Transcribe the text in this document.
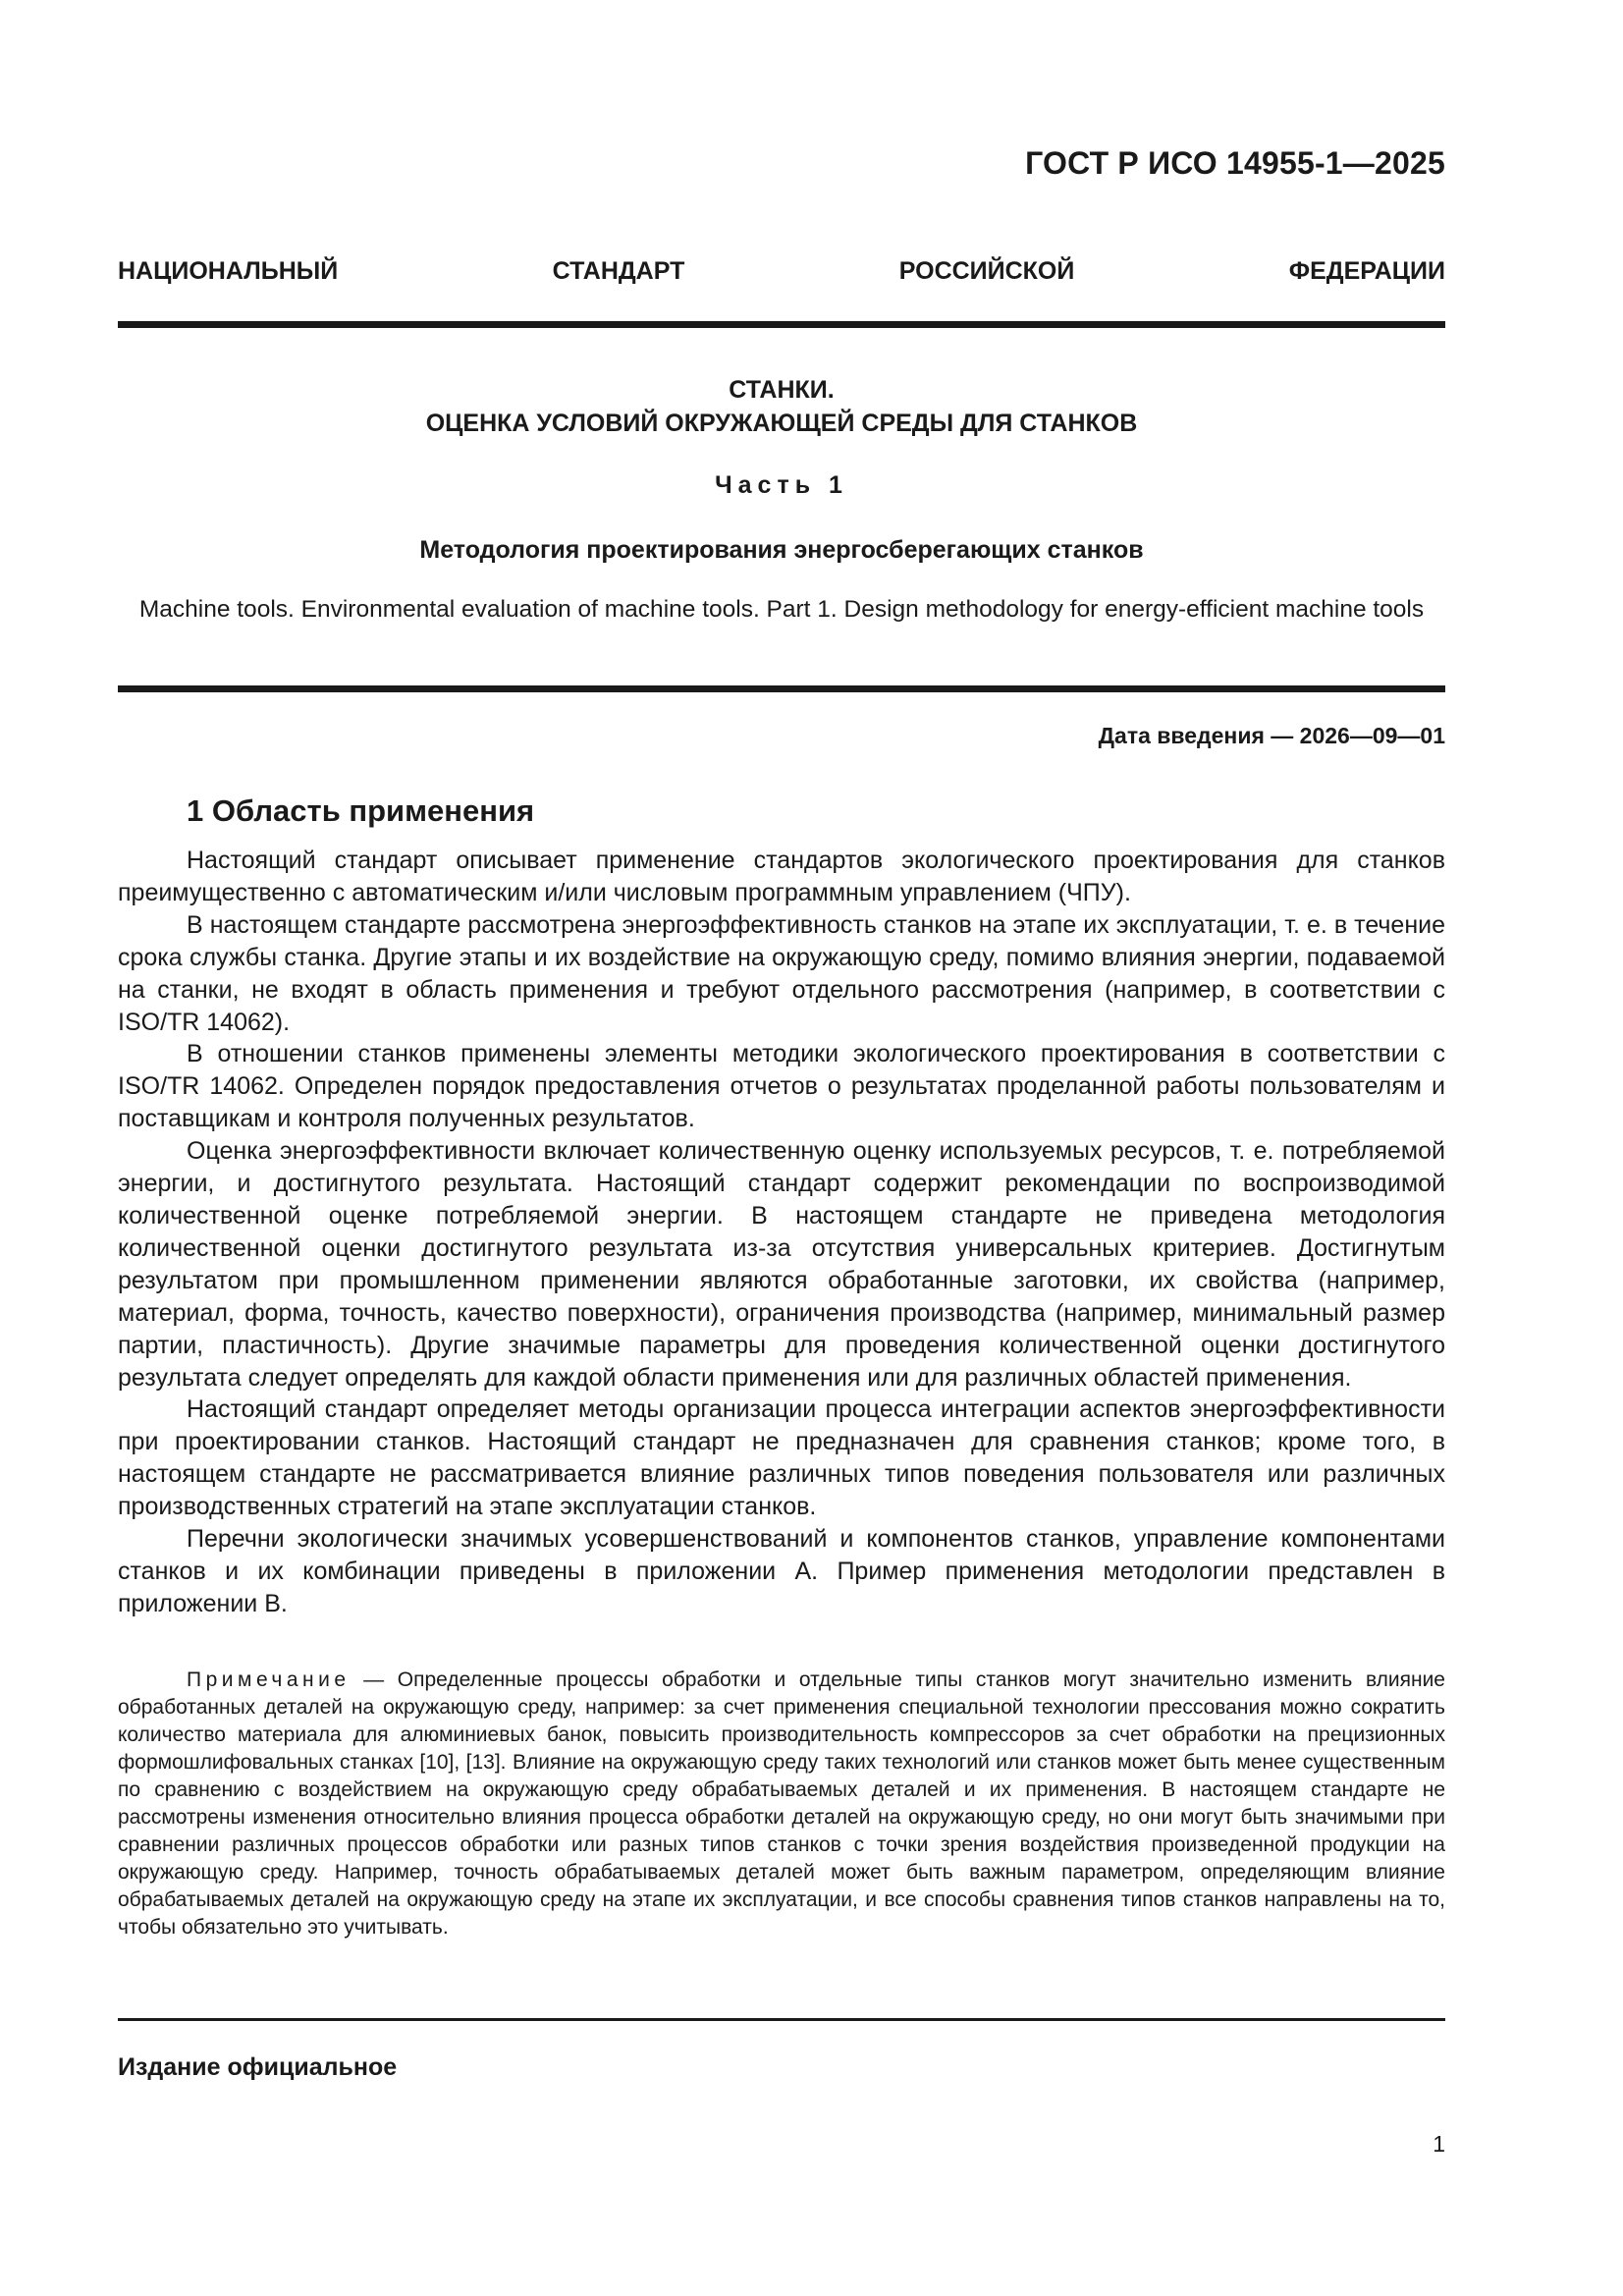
ГОСТ Р ИСО 14955-1—2025
НАЦИОНАЛЬНЫЙ СТАНДАРТ РОССИЙСКОЙ ФЕДЕРАЦИИ
СТАНКИ.
ОЦЕНКА УСЛОВИЙ ОКРУЖАЮЩЕЙ СРЕДЫ ДЛЯ СТАНКОВ
Часть 1
Методология проектирования энергосберегающих станков
Machine tools. Environmental evaluation of machine tools. Part 1. Design methodology for energy-efficient machine tools
Дата введения — 2026—09—01
1 Область применения

Настоящий стандарт описывает применение стандартов экологического проектирования для станков преимущественно с автоматическим и/или числовым программным управлением (ЧПУ).

В настоящем стандарте рассмотрена энергоэффективность станков на этапе их эксплуатации, т. е. в течение срока службы станка. Другие этапы и их воздействие на окружающую среду, помимо влияния энергии, подаваемой на станки, не входят в область применения и требуют отдельного рассмотрения (например, в соответствии с ISO/TR 14062).

В отношении станков применены элементы методики экологического проектирования в соответствии с ISO/TR 14062. Определен порядок предоставления отчетов о результатах проделанной работы пользователям и поставщикам и контроля полученных результатов.

Оценка энергоэффективности включает количественную оценку используемых ресурсов, т. е. потребляемой энергии, и достигнутого результата. Настоящий стандарт содержит рекомендации по воспроизводимой количественной оценке потребляемой энергии. В настоящем стандарте не приведена методология количественной оценки достигнутого результата из-за отсутствия универсальных критериев. Достигнутым результатом при промышленном применении являются обработанные заготовки, их свойства (например, материал, форма, точность, качество поверхности), ограничения производства (например, минимальный размер партии, пластичность). Другие значимые параметры для проведения количественной оценки достигнутого результата следует определять для каждой области применения или для различных областей применения.

Настоящий стандарт определяет методы организации процесса интеграции аспектов энергоэффективности при проектировании станков. Настоящий стандарт не предназначен для сравнения станков; кроме того, в настоящем стандарте не рассматривается влияние различных типов поведения пользователя или различных производственных стратегий на этапе эксплуатации станков.

Перечни экологически значимых усовершенствований и компонентов станков, управление компонентами станков и их комбинации приведены в приложении А. Пример применения методологии представлен в приложении В.

Примечание — Определенные процессы обработки и отдельные типы станков могут значительно изменить влияние обработанных деталей на окружающую среду, например: за счет применения специальной технологии прессования можно сократить количество материала для алюминиевых банок, повысить производительность компрессоров за счет обработки на прецизионных формошлифовальных станках [10], [13]. Влияние на окружающую среду таких технологий или станков может быть менее существенным по сравнению с воздействием на окружающую среду обрабатываемых деталей и их применения. В настоящем стандарте не рассмотрены изменения относительно влияния процесса обработки деталей на окружающую среду, но они могут быть значимыми при сравнении различных процессов обработки или разных типов станков с точки зрения воздействия произведенной продукции на окружающую среду. Например, точность обрабатываемых деталей может быть важным параметром, определяющим влияние обрабатываемых деталей на окружающую среду на этапе их эксплуатации, и все способы сравнения типов станков направлены на то, чтобы обязательно это учитывать.

Издание официальное
1
